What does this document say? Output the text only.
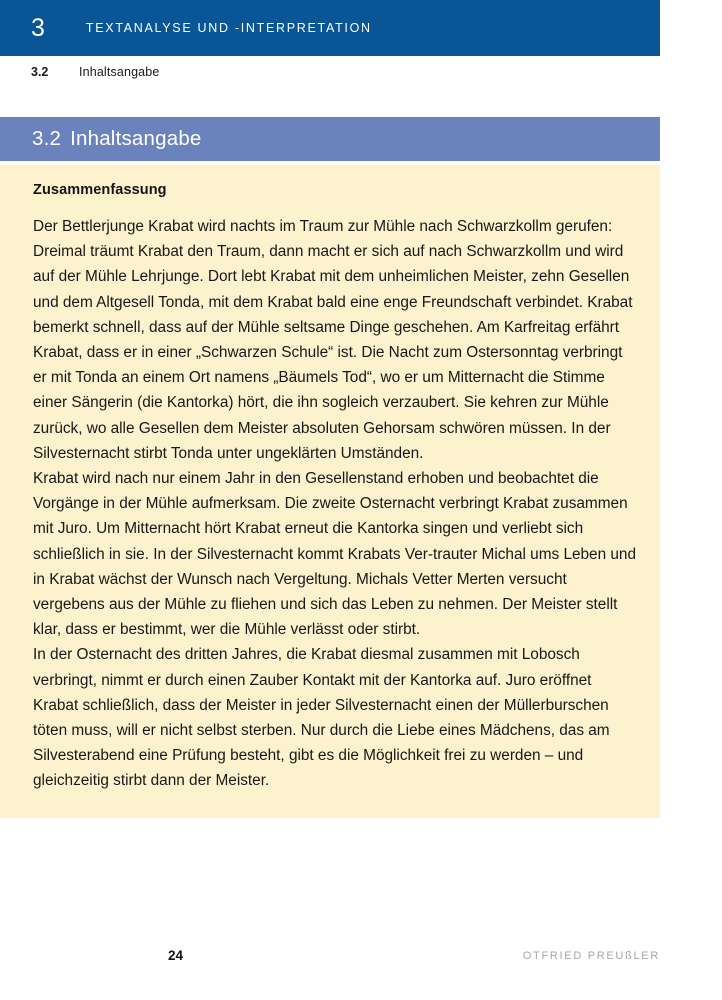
3	TEXTANALYSE UND -INTERPRETATION
3.2	Inhaltsangabe
3.2 Inhaltsangabe
Zusammenfassung

Der Bettlerjunge Krabat wird nachts im Traum zur Mühle nach Schwarzkollm gerufen: Dreimal träumt Krabat den Traum, dann macht er sich auf nach Schwarzkollm und wird auf der Mühle Lehrjunge. Dort lebt Krabat mit dem unheimlichen Meister, zehn Gesellen und dem Altgesell Tonda, mit dem Krabat bald eine enge Freundschaft verbindet. Krabat bemerkt schnell, dass auf der Mühle seltsame Dinge geschehen. Am Karfreitag erfährt Krabat, dass er in einer „Schwarzen Schule“ ist. Die Nacht zum Ostersonntag verbringt er mit Tonda an einem Ort namens „Bäumels Tod“, wo er um Mitternacht die Stimme einer Sängerin (die Kantorka) hört, die ihn sogleich verzaubert. Sie kehren zur Mühle zurück, wo alle Gesellen dem Meister absoluten Gehorsam schwören müssen. In der Silvesternacht stirbt Tonda unter ungeklärten Umständen.

Krabat wird nach nur einem Jahr in den Gesellenstand erhoben und beobachtet die Vorgänge in der Mühle aufmerksam. Die zweite Osternacht verbringt Krabat zusammen mit Juro. Um Mitternacht hört Krabat erneut die Kantorka singen und verliebt sich schließlich in sie. In der Silvesternacht kommt Krabats Ver-trauter Michal ums Leben und in Krabat wächst der Wunsch nach Vergeltung. Michals Vetter Merten versucht vergebens aus der Mühle zu fliehen und sich das Leben zu nehmen. Der Meister stellt klar, dass er bestimmt, wer die Mühle verlässt oder stirbt.

In der Osternacht des dritten Jahres, die Krabat diesmal zusammen mit Lobosch verbringt, nimmt er durch einen Zauber Kontakt mit der Kantorka auf. Juro eröffnet Krabat schließlich, dass der Meister in jeder Silvesternacht einen der Müllerburschen töten muss, will er nicht selbst sterben. Nur durch die Liebe eines Mädchens, das am Silvesterabend eine Prüfung besteht, gibt es die Möglichkeit frei zu werden – und gleichzeitig stirbt dann der Meister.

24	OTFRIED PREUßLER
